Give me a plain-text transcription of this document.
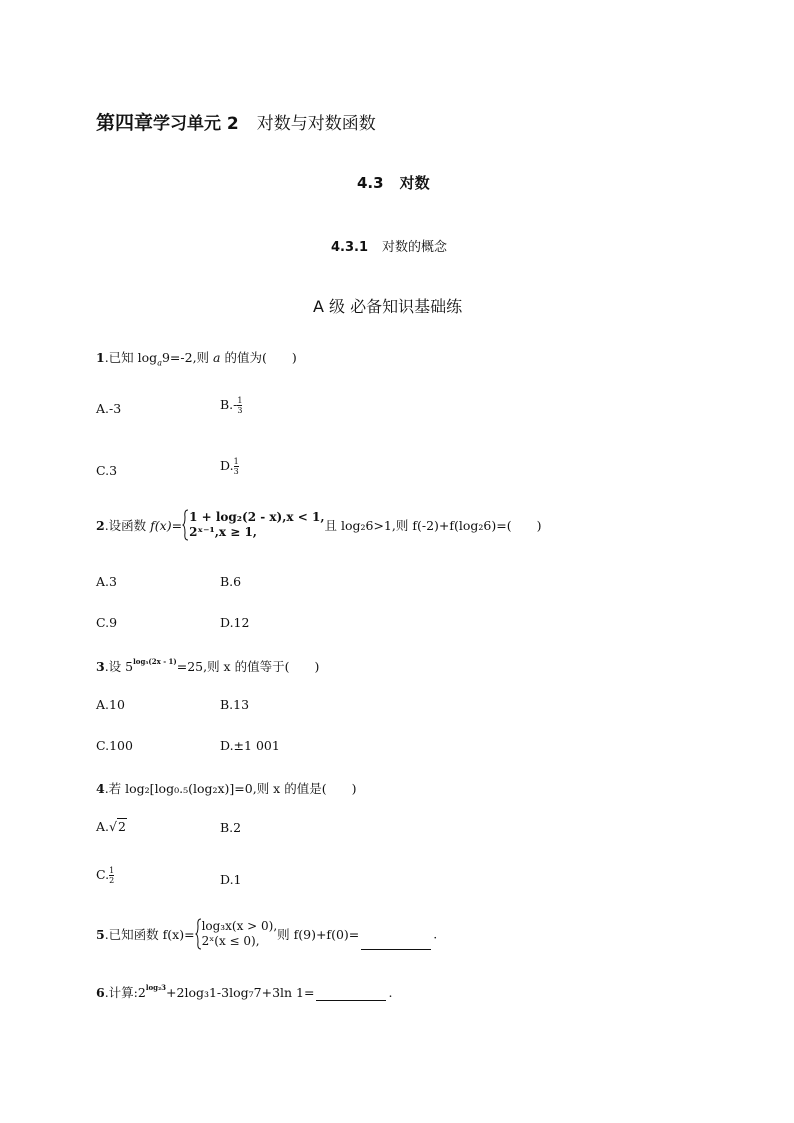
第四章学习单元 2 对数与对数函数
4.3 对数
4.3.1 对数的概念
A 级 必备知识基础练
1.已知 $\log_a9=-2$,则 a 的值为(　　)
A.-3	$B.- \frac{1}{3}$
C.3	D. $\frac{1}{3}$
2.设函数 f(x)=
1 + log₂(2 - x),x < 1,
2ˣ⁻¹,x ≥ 1,	且 log₂6>1,则 f(-2)+f(log₂6)=(　　)
A.3	B.6
C.9	D.12
3.设 $5^{log_5(2x - 1)}=25$,则 x 的值等于(　　)
A.10	B.13
C.100	D.±1 001
4.若 log₂[log₀.₅(log₂x)]=0,则 x 的值是(　　)
A.√2	B.2
C. $\frac{1}{2}$	D.1
5.已知函数 f(x)=
log₃x(x > 0),
2ˣ(x ≤ 0),	则 f(9)+f(0)=	.
6.计算$:2^{log_23}+2\log_31-3\log_77+3\ln$ 1=	.
